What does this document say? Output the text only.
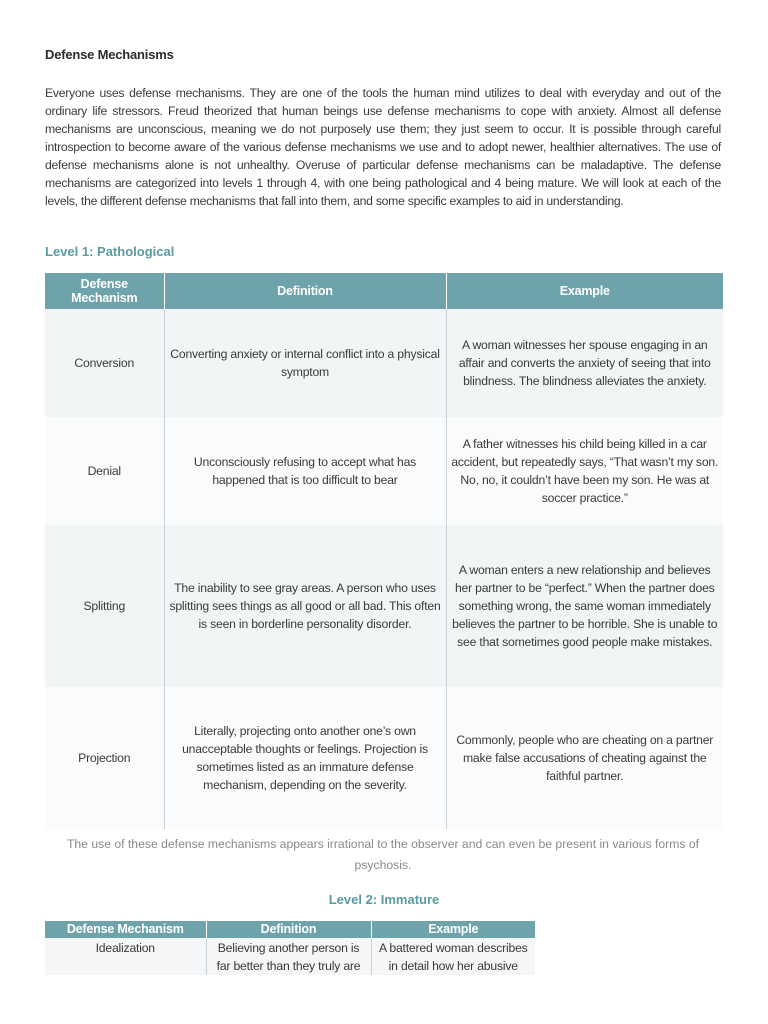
Defense Mechanisms
Everyone uses defense mechanisms. They are one of the tools the human mind utilizes to deal with everyday and out of the ordinary life stressors. Freud theorized that human beings use defense mechanisms to cope with anxiety. Almost all defense mechanisms are unconscious, meaning we do not purposely use them; they just seem to occur. It is possible through careful introspection to become aware of the various defense mechanisms we use and to adopt newer, healthier alternatives. The use of defense mechanisms alone is not unhealthy. Overuse of particular defense mechanisms can be maladaptive. The defense mechanisms are categorized into levels 1 through 4, with one being pathological and 4 being mature. We will look at each of the levels, the different defense mechanisms that fall into them, and some specific examples to aid in understanding.
Level 1: Pathological
Defense Mechanism	Definition	Example
Conversion	Converting anxiety or internal conflict into a physical symptom	A woman witnesses her spouse engaging in an affair and converts the anxiety of seeing that into blindness. The blindness alleviates the anxiety.
Denial	Unconsciously refusing to accept what has happened that is too difficult to bear	A father witnesses his child being killed in a car accident, but repeatedly says, “That wasn’t my son. No, no, it couldn’t have been my son. He was at soccer practice.”
Splitting	The inability to see gray areas. A person who uses splitting sees things as all good or all bad. This often is seen in borderline personality disorder.	A woman enters a new relationship and believes her partner to be “perfect.” When the partner does something wrong, the same woman immediately believes the partner to be horrible. She is unable to see that sometimes good people make mistakes.
Projection	Literally, projecting onto another one’s own unacceptable thoughts or feelings. Projection is sometimes listed as an immature defense mechanism, depending on the severity.	Commonly, people who are cheating on a partner make false accusations of cheating against the faithful partner.
The use of these defense mechanisms appears irrational to the observer and can even be present in various forms of psychosis.
Level 2: Immature
Defense Mechanism	Definition	Example
Idealization	Believing another person is far better than they truly are	A battered woman describes in detail how her abusive
